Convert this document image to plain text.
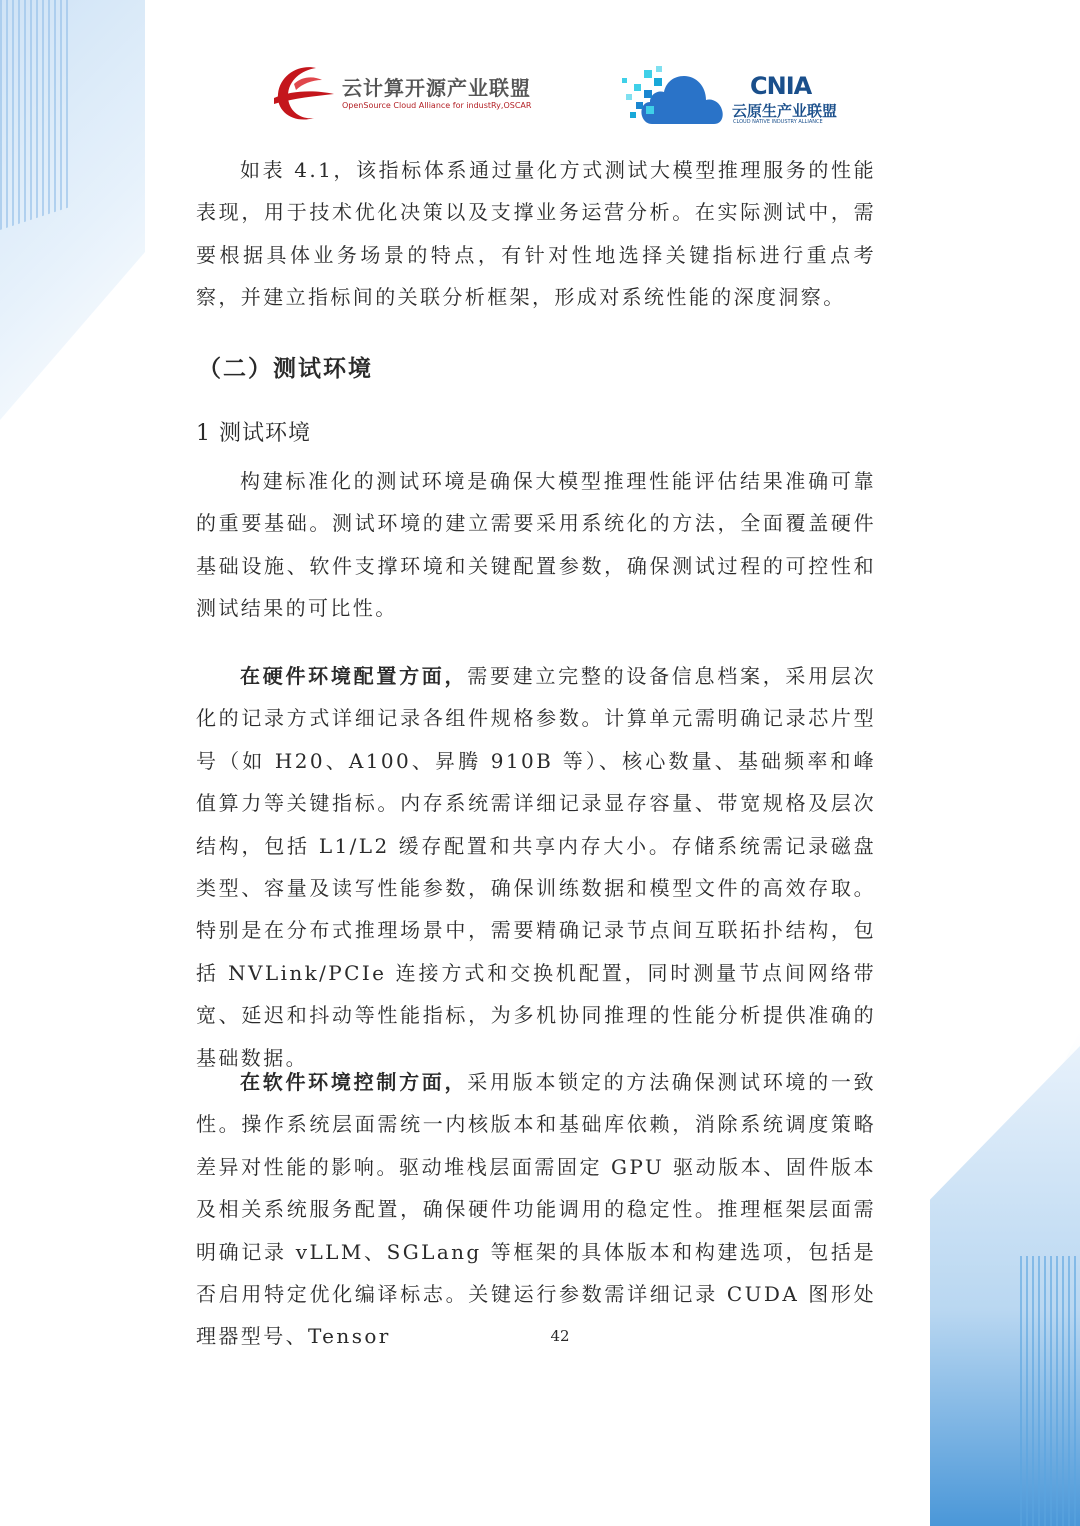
云计算开源产业联盟
OpenSource Cloud Alliance for industRy,OSCAR
CNIA
云原生产业联盟
CLOUD NATIVE INDUSTRY ALLIANCE

如表 4.1，该指标体系通过量化方式测试大模型推理服务的性能表现，用于技术优化决策以及支撑业务运营分析。在实际测试中，需要根据具体业务场景的特点，有针对性地选择关键指标进行重点考察，并建立指标间的关联分析框架，形成对系统性能的深度洞察。

（二）测试环境
1 测试环境

构建标准化的测试环境是确保大模型推理性能评估结果准确可靠的重要基础。测试环境的建立需要采用系统化的方法，全面覆盖硬件基础设施、软件支撑环境和关键配置参数，确保测试过程的可控性和测试结果的可比性。

在硬件环境配置方面，需要建立完整的设备信息档案，采用层次化的记录方式详细记录各组件规格参数。计算单元需明确记录芯片型号（如 H20、A100、昇腾 910B 等）、核心数量、基础频率和峰值算力等关键指标。内存系统需详细记录显存容量、带宽规格及层次结构，包括 L1/L2 缓存配置和共享内存大小。存储系统需记录磁盘类型、容量及读写性能参数，确保训练数据和模型文件的高效存取。特别是在分布式推理场景中，需要精确记录节点间互联拓扑结构，包括 NVLink/PCIe 连接方式和交换机配置，同时测量节点间网络带宽、延迟和抖动等性能指标，为多机协同推理的性能分析提供准确的基础数据。

在软件环境控制方面，采用版本锁定的方法确保测试环境的一致性。操作系统层面需统一内核版本和基础库依赖，消除系统调度策略差异对性能的影响。驱动堆栈层面需固定 GPU 驱动版本、固件版本及相关系统服务配置，确保硬件功能调用的稳定性。推理框架层面需明确记录 vLLM、SGLang 等框架的具体版本和构建选项，包括是否启用特定优化编译标志。关键运行参数需详细记录 CUDA 图形处理器型号、Tensor	42
